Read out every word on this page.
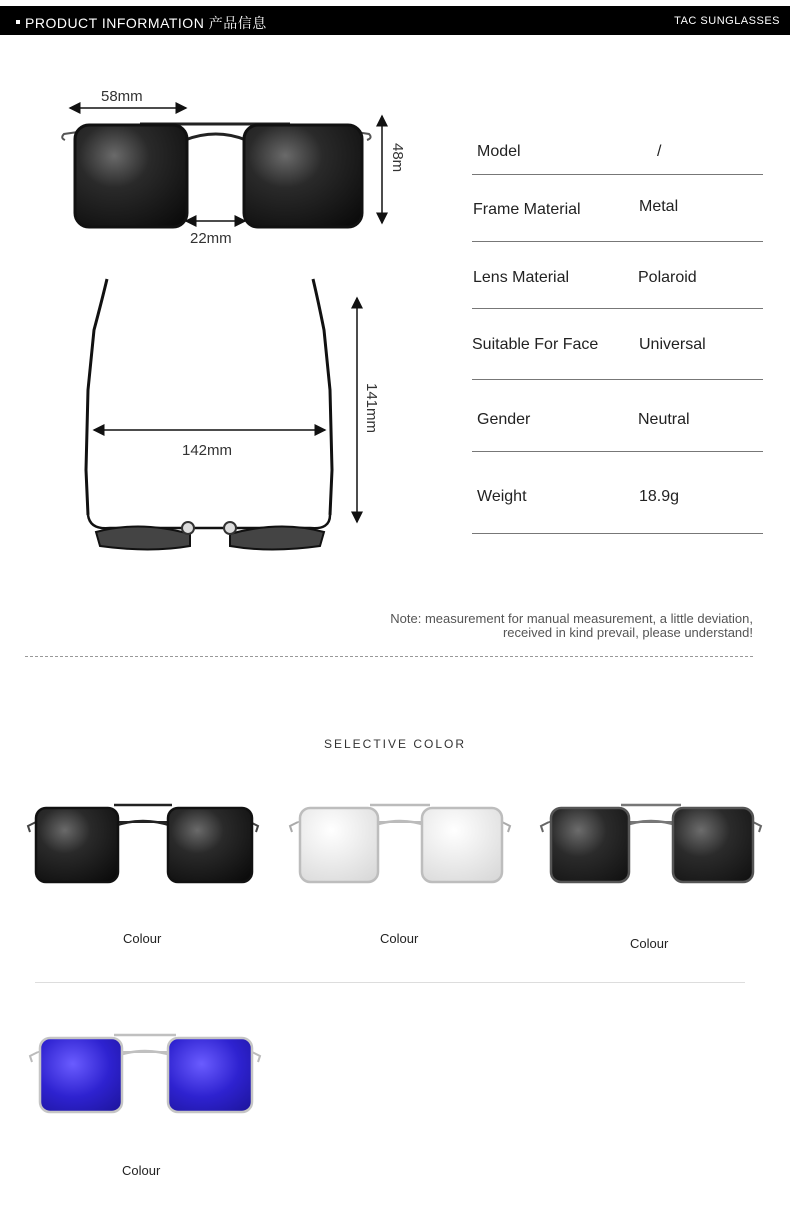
PRODUCT INFORMATION 产品信息	TAC SUNGLASSES
58mm
22mm
48m
142mm
141mm
Model	/
Frame Material	Metal
Lens Material	Polaroid
Suitable For Face	Universal
Gender	Neutral
Weight	18.9g
Note: measurement for manual measurement, a little deviation,
received in kind prevail, please understand!
SELECTIVE COLOR
Colour	Colour	Colour
Colour
